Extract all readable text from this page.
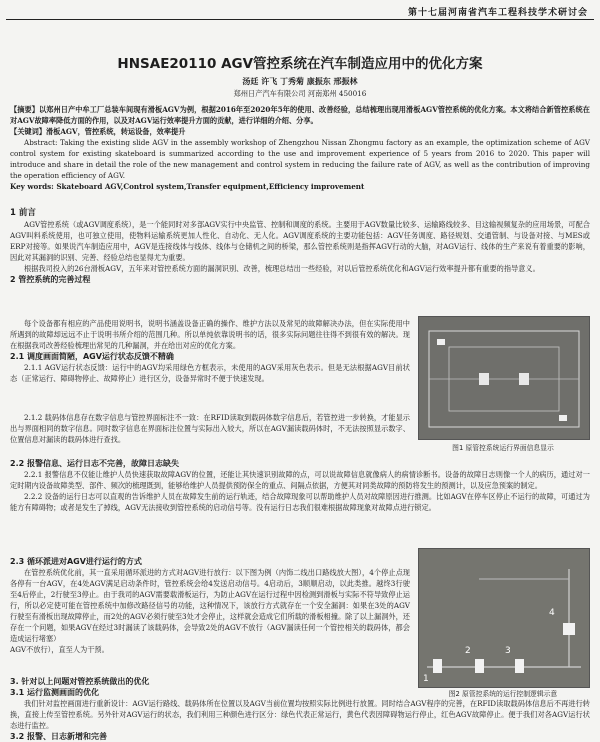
第十七届河南省汽车工程科技学术研讨会
HNSAE20110 AGV管控系统在汽车制造应用中的优化方案
汤廷 许飞 丁秀菊 康振东 邢振林
郑州日产汽车有限公司 河南郑州 450016

【摘要】以郑州日产中牟工厂总装车间现有滑板AGV为例，根据2016年至2020年5年的使用、改善经验，总结梳理出现用滑板AGV管控系统的优化方案。本文将结合新管控系统在对AGV故障率降低方面的作用，以及对AGV运行效率提升方面的贡献，进行详细的介绍、分享。

【关键词】滑板AGV，管控系统，转运设备，效率提升

Abstract: Taking the existing slide AGV in the assembly workshop of Zhengzhou Nissan Zhongmu factory as an example, the optimization scheme of AGV control system for existing skateboard is summarized according to the use and improvement experience of 5 years from 2016 to 2020. This paper will introduce and share in detail the role of the new management and control system in reducing the failure rate of AGV, as well as the contribution of improving the operation efficiency of AGV.

Key words: Skateboard AGV,Control system,Transfer equipment,Efficiency improvement

1 前言

AGV管控系统（或AGV调度系统），是一个能同时对多部AGV实行中央监管、控制和调度的系统。主要用于AGV数量比较多、运输路线较多、目这输视频复杂的应用场景，可配合AGV叫料系统使用，也可独立使用，使物料运输系统更加人性化、自动化、无人化。AGV调度系统的主要功能包括：AGV任务调度、路径规划、交通管制、与设备对接、与MES或ERP对接等。如果说汽车制造应用中，AGV是连接线体与线体、线体与仓储机之间的桥梁，那么管控系统则是指挥AGV行动的大脑，对AGV运行、线体的生产来说有着重要的影响，因此对其漏洞的识别、完善、经验总结也显得尤为重要。

根据我司投入的26台滑板AGV，五年来对管控系统方面的漏洞识别、改善，梳理总结出一些经验，对以后管控系统优化和AGV运行效率提升都有重要的指导意义。

2 管控系统的完善过程

每个设备都有相应的产品使用说明书，说明书涵盖设备正确的操作、维护方法以及常见的故障解决办法，但在实际使用中所遇到的故障却远远不止于说明书所介绍的范围几种。所以单纯依靠说明书的话，很多实际问题往往得不到很有效的解决。现在根据我司改善经验梳理出常见的几种漏洞，并在给出对应的优化方案。

2.1 调度画面简陋，AGV运行状态反馈不精确

2.1.1 AGV运行状态反馈：运行中的AGV均采用绿色方框表示，未使用的AGV采用灰色表示。但是无法根据AGV目前状态（正常运行、障碍物停止、故障停止）进行区分，设备异常时不便于快速发现。

图1 原管控系统运行界面信息显示

2.1.2 载码体信息存在数字信息与管控界面标注不一致：在RFID读取到载码体数字信息后，若管控进一步转换，才能显示出与界面相同的数字信息。同时数字信息在界面标注位置与实际出入较大，所以在AGV漏读载码体时，不无法按照显示数字、位置信息对漏读的载码体进行查找。

2.2 报警信息、运行日志不完善，故障日志缺失

2.2.1 报警信息不仅能让维护人员快速获取故障AGV的位置，还能让其快速识别故障的点，可以说故障信息就像病人的病情诊断书。设备的故障日志则像一个人的病历，通过对一定时期内设备故障类型、部件、频次的梳理既到，能够给维护人员提供预防保全的重点、间隔点依据，方便其对同类故障的预防将发生的预测计，以及应急预案的制定。

2.2.2 设备的运行日志可以直观的告诉维护人员在故障发生前的运行轨迹，结合故障现象可以帮助维护人员对故障原因进行推测。比如AGV在停车区停止不运行的故障，可通过为能方有障碍物；或者是发生了掉线，AGV无法接收到管控系统的启动信号等。没有运行日志我们很难根据故障现象对故障点进行锁定。

2.3 循环派进对AGV进行运行的方式

在管控系统优化前，其一直采用循环派进的方式对AGV进行放行：以下图为例（内饰二线出口路线放大图），4个停止点现各停有一台AGV，在4处AGV满足启动条件时，管控系统会给4发送启动信号。4启动后，3顺顺启动，以此类推。越终3行驶至4后停止，2行驶至3停止。由于我司的AGV需要载滑板运行，为防止AGV在运行过程中因检测到滑板与实际不符导致停止运行，所以必定使可能在管控系统中加修改路径信号的功能，这种情况下，该放行方式就存在一个安全漏洞：如果在3处的AGV行驶至有滑板出现故障停止，而2处的AGV必须行驶至3处才会停止，这样就会造成它们所载的滑板相撞。除了以上漏洞外，还存在一个问题，如果AGV在经过3时漏读了该载码体，会导致2处的AGV不放行（AGV漏读任何一个管控相关的载码体，都会造成运行堵塞）

AGV不放行），直至人为干预。

1
2	3
4
图2 原管控系统的运行控制逻辑示意

3. 针对以上问题对管控系统做出的优化

3.1 运行监测画面的优化

我们针对监控画面进行重新设计：AGV运行路线、载码体所在位置以及AGV当前位置均按照实际比例进行放置。同时结合AGV程序的完善，在RFID读取载码体信息后不再进行转换，直接上传至管控系统。另外针对AGV运行的状态，我们利用三种颜色进行区分：绿色代表正常运行，黄色代表因障碍物运行停止，红色AGV故障停止。便于我们对各AGV运行状态进行监控。

3.2 报警、日志新增和完善
